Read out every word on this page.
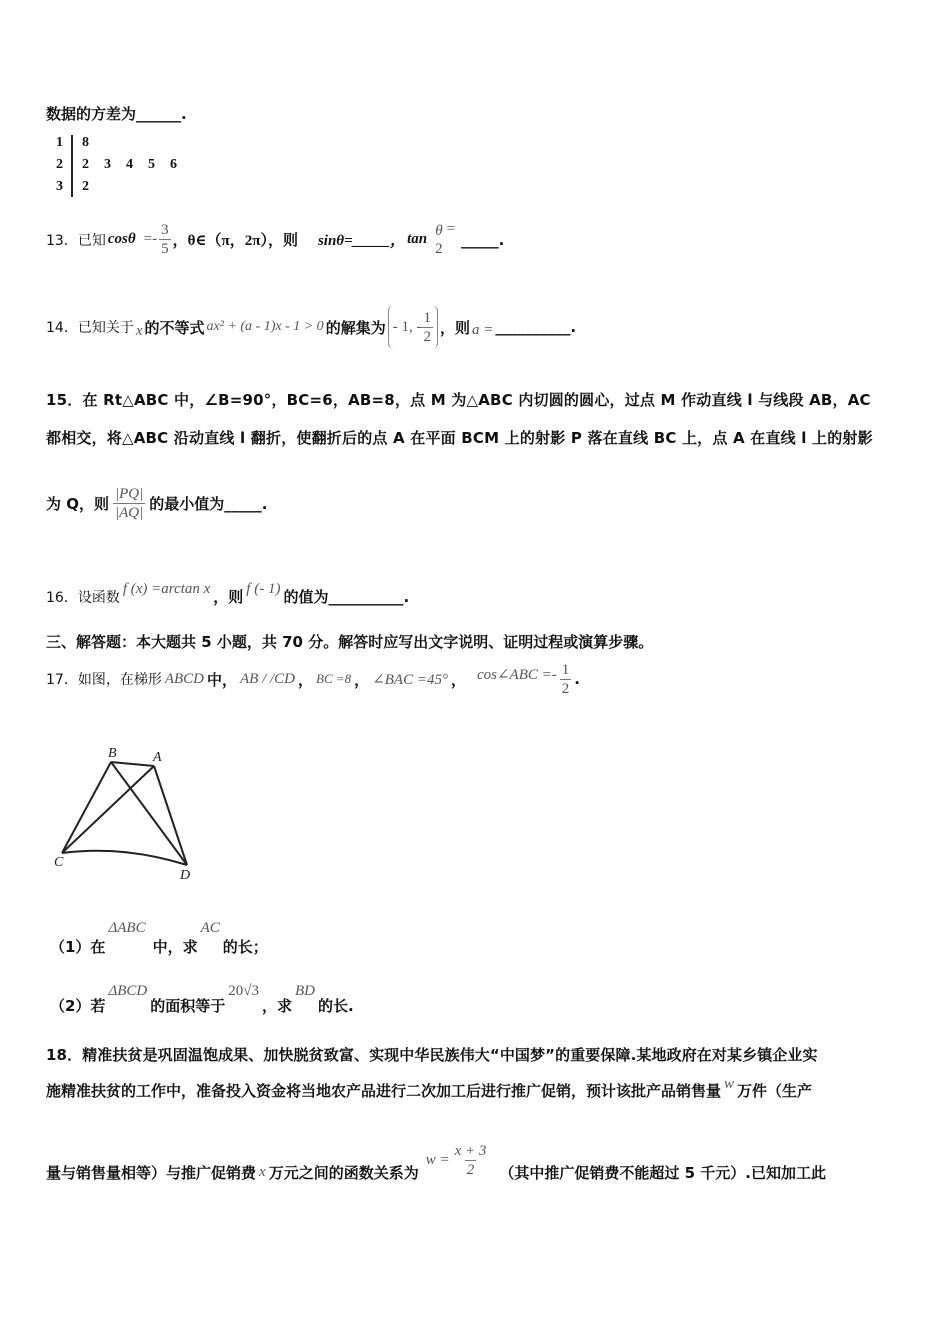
数据的方差为______.
1
2
3
8
2  3  4  5  6
2
13．已知 $\cos\theta =- \frac{3}{5}$ ，θ∈（π，2π），则 sinθ=_____， tan
θ
2
=
_____.
14．已知关于 x 的不等式 ax² + (a - 1)x - 1 > 0 的解集为 - 1, - $\frac{1}{2}$ ，则 a = __________.
15．在 Rt△ABC 中，∠B=90°，BC=6，AB=8，点 M 为△ABC 内切圆的圆心，过点 M 作动直线 l 与线段 AB，AC
都相交，将△ABC 沿动直线 l 翻折，使翻折后的点 A 在平面 BCM 上的射影 P 落在直线 BC 上，点 A 在直线 l 上的射影
为 Q，则 $\frac{|PQ|}{|AQ|}$ 的最小值为_____.
16．设函数
f (x) =arctan x ，则 f (- 1) 的值为__________.
三、解答题：本大题共 5 小题，共 70 分。解答时应写出文字说明、证明过程或演算步骤。
17．如图，在梯形 ABCD 中， AB / /CD ， BC =8 ， ∠BAC =45° ， cos∠ABC =- $\frac{1}{2}$ .
B	A
C
D
（1）在
ΔABC
中，求
AC
的长；
（2）若
ΔBCD
的面积等于
20√3
，求
BD
的长.
18．精准扶贫是巩固温饱成果、加快脱贫致富、实现中华民族伟大“中国梦”的重要保障.某地政府在对某乡镇企业实
施精准扶贫的工作中，准备投入资金将当地农产品进行二次加工后进行推广促销，预计该批产品销售量 w 万件（生产
量与销售量相等）与推广促销费 x 万元之间的函数关系为
$w = \frac{x + 3}{2}$ （其中推广促销费不能超过 5 千元）.已知加工此
